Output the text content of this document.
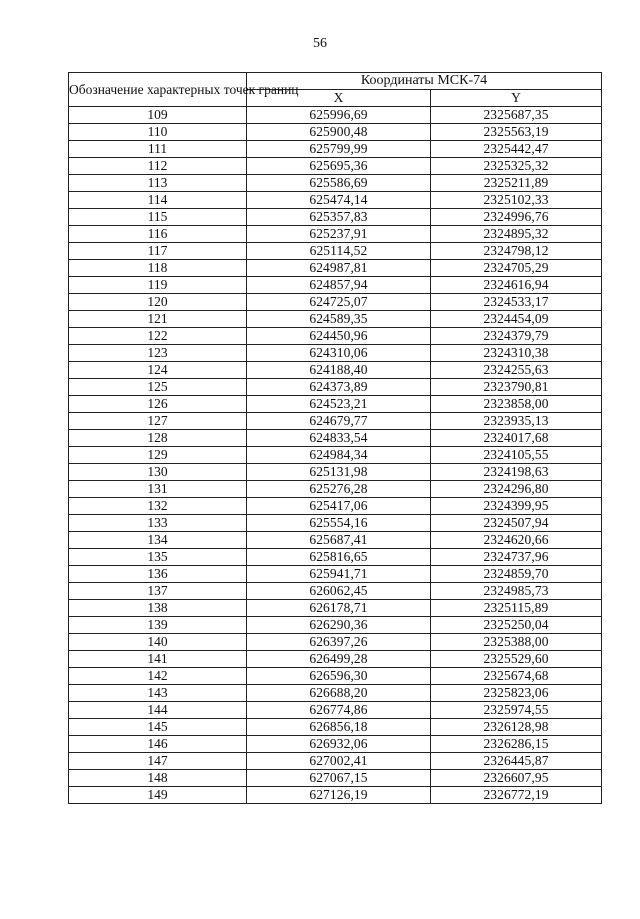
56
Обозначение характерных точек границ	Координаты МСК-74	
	X	Y
109	625996,69	2325687,35
110	625900,48	2325563,19
111	625799,99	2325442,47
112	625695,36	2325325,32
113	625586,69	2325211,89
114	625474,14	2325102,33
115	625357,83	2324996,76
116	625237,91	2324895,32
117	625114,52	2324798,12
118	624987,81	2324705,29
119	624857,94	2324616,94
120	624725,07	2324533,17
121	624589,35	2324454,09
122	624450,96	2324379,79
123	624310,06	2324310,38
124	624188,40	2324255,63
125	624373,89	2323790,81
126	624523,21	2323858,00
127	624679,77	2323935,13
128	624833,54	2324017,68
129	624984,34	2324105,55
130	625131,98	2324198,63
131	625276,28	2324296,80
132	625417,06	2324399,95
133	625554,16	2324507,94
134	625687,41	2324620,66
135	625816,65	2324737,96
136	625941,71	2324859,70
137	626062,45	2324985,73
138	626178,71	2325115,89
139	626290,36	2325250,04
140	626397,26	2325388,00
141	626499,28	2325529,60
142	626596,30	2325674,68
143	626688,20	2325823,06
144	626774,86	2325974,55
145	626856,18	2326128,98
146	626932,06	2326286,15
147	627002,41	2326445,87
148	627067,15	2326607,95
149	627126,19	2326772,19
